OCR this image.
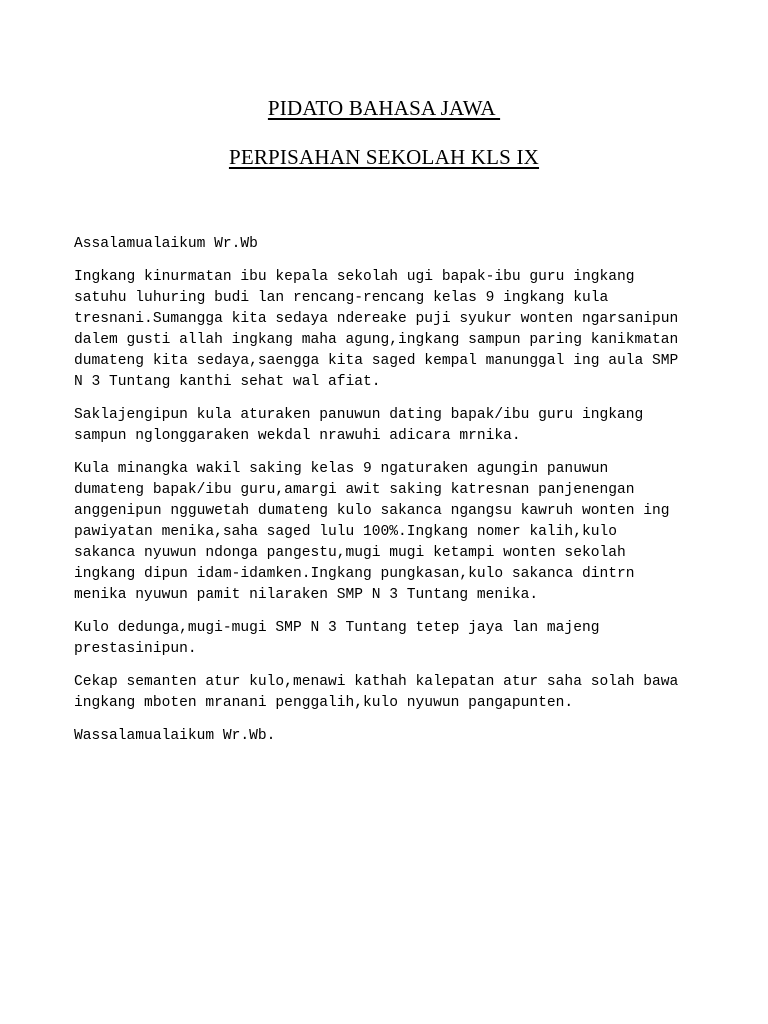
PIDATO BAHASA JAWA
PERPISAHAN SEKOLAH KLS IX

Assalamualaikum Wr.Wb

Ingkang kinurmatan ibu kepala sekolah ugi bapak-ibu guru ingkang
satuhu luhuring budi lan rencang-rencang kelas 9 ingkang kula
tresnani.Sumangga kita sedaya ndereake puji syukur wonten ngarsanipun
dalem gusti allah ingkang maha agung,ingkang sampun paring kanikmatan
dumateng kita sedaya,saengga kita saged kempal manunggal ing aula SMP
N 3 Tuntang kanthi sehat wal afiat.

Saklajengipun kula aturaken panuwun dating bapak/ibu guru ingkang
sampun nglonggaraken wekdal nrawuhi adicara mrnika.

Kula minangka wakil saking kelas 9 ngaturaken agungin panuwun
dumateng bapak/ibu guru,amargi awit saking katresnan panjenengan
anggenipun ngguwetah dumateng kulo sakanca ngangsu kawruh wonten ing
pawiyatan menika,saha saged lulu 100%.Ingkang nomer kalih,kulo
sakanca nyuwun ndonga pangestu,mugi mugi ketampi wonten sekolah
ingkang dipun idam-idamken.Ingkang pungkasan,kulo sakanca dintrn
menika nyuwun pamit nilaraken SMP N 3 Tuntang menika.

Kulo dedunga,mugi-mugi SMP N 3 Tuntang tetep jaya lan majeng
prestasinipun.

Cekap semanten atur kulo,menawi kathah kalepatan atur saha solah bawa
ingkang mboten mranani penggalih,kulo nyuwun pangapunten.

Wassalamualaikum Wr.Wb.
